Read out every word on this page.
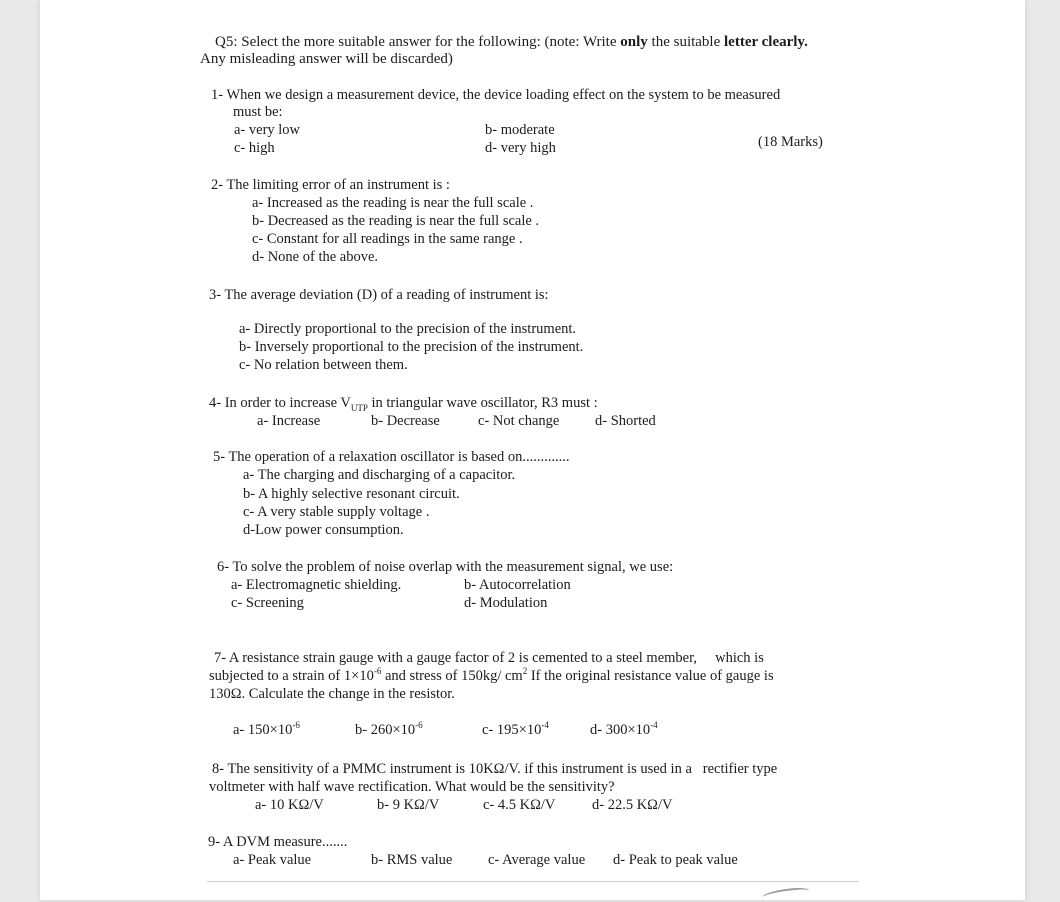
Q5: Select the more suitable answer for the following: (note: Write only the suitable letter clearly.
Any misleading answer will be discarded)
1- When we design a measurement device, the device loading effect on the system to be measured
must be:
a- very low	b- moderate
c- high	d- very high	(18 Marks)
2- The limiting error of an instrument is :
a- Increased as the reading is near the full scale .
b- Decreased as the reading is near the full scale .
c- Constant for all readings in the same range .
d- None of the above.
3- The average deviation (D) of a reading of instrument is:
a- Directly proportional to the precision of the instrument.
b- Inversely proportional to the precision of the instrument.
c- No relation between them.
4- In order to increase $V_{UTP}$ in triangular wave oscillator, R3 must :
a- Increase	b- Decrease	c- Not change d- Shorted
5- The operation of a relaxation oscillator is based on.............
a- The charging and discharging of a capacitor.
b- A highly selective resonant circuit.
c- A very stable supply voltage .
d-Low power consumption.
6- To solve the problem of noise overlap with the measurement signal, we use:
a- Electromagnetic shielding.	b- Autocorrelation
c- Screening	d- Modulation
7- A resistance strain gauge with a gauge factor of 2 is cemented to a steel member,     which is
subjected to a strain of $1\times 10^{-6}$ and stress of 150kg/ $cm^2$ If the original resistance value of gauge is
130Ω. Calculate the change in the resistor.
a- $150\times 10^{-6}$	b- $260\times 10^{-6}$	c- $195\times 10^{-4}$	d- $300\times 10^{-4}$
8- The sensitivity of a PMMC instrument is 10KΩ/V. if this instrument is used in a   rectifier type
voltmeter with half wave rectification. What would be the sensitivity?
a- 10 KΩ/V	b- 9 KΩ/V	c- 4.5 KΩ/V	d- 22.5 KΩ/V
9- A DVM measure.......
a- Peak value	b- RMS value c- Average value d- Peak to peak value
